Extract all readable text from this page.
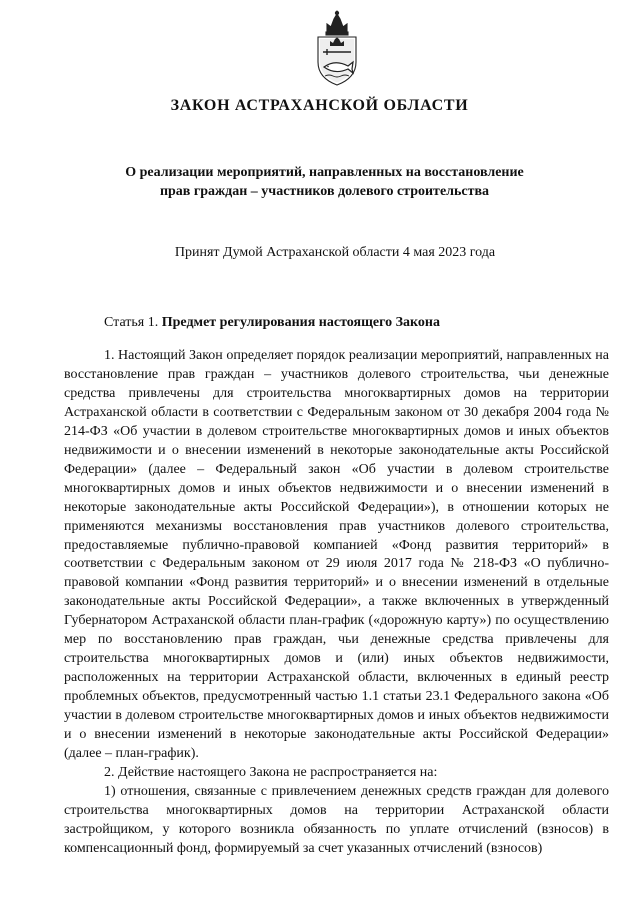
ЗАКОН АСТРАХАНСКОЙ ОБЛАСТИ
О реализации мероприятий, направленных на восстановление
прав граждан – участников долевого строительства

Принят Думой Астраханской области 4 мая 2023 года

Статья 1. Предмет регулирования настоящего Закона

1. Настоящий Закон определяет порядок реализации мероприятий, направленных на восстановление прав граждан – участников долевого строительства, чьи денежные средства привлечены для строительства многоквартирных домов на территории Астраханской области в соответствии с Федеральным законом от 30 декабря 2004 года № 214-ФЗ «Об участии в долевом строительстве многоквартирных домов и иных объектов недвижимости и о внесении изменений в некоторые законодательные акты Российской Федерации» (далее – Федеральный закон «Об участии в долевом строительстве многоквартирных домов и иных объектов недвижимости и о внесении изменений в некоторые законодательные акты Российской Федерации»), в отношении которых не применяются механизмы восстановления прав участников долевого строительства, предоставляемые публично-правовой компанией «Фонд развития территорий» в соответствии с Федеральным законом от 29 июля 2017 года № 218-ФЗ «О публично-правовой компании «Фонд развития территорий» и о внесении изменений в отдельные законодательные акты Российской Федерации», а также включенных в утвержденный Губернатором Астраханской области план-график («дорожную карту») по осуществлению мер по восстановлению прав граждан, чьи денежные средства привлечены для строительства многоквартирных домов и (или) иных объектов недвижимости, расположенных на территории Астраханской области, включенных в единый реестр проблемных объектов, предусмотренный частью 1.1 статьи 23.1 Федерального закона «Об участии в долевом строительстве многоквартирных домов и иных объектов недвижимости и о внесении изменений в некоторые законодательные акты Российской Федерации» (далее – план-график).

2. Действие настоящего Закона не распространяется на:

1) отношения, связанные с привлечением денежных средств граждан для долевого строительства многоквартирных домов на территории Астраханской области застройщиком, у которого возникла обязанность по уплате отчислений (взносов) в компенсационный фонд, формируемый за счет указанных отчислений (взносов)
